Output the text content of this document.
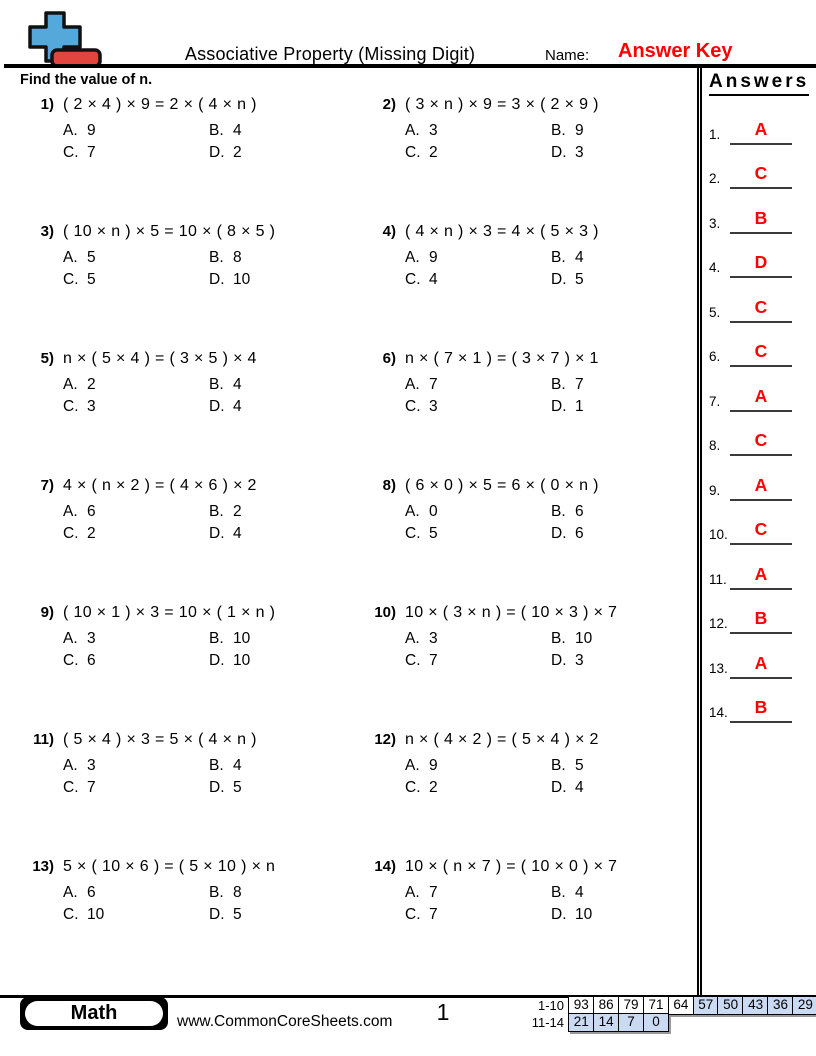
Associative Property (Missing Digit)	Name: Answer Key
Find the value of n.
1) ( 2 × 4 ) × 9 = 2 × ( 4 × n )
A. 9	B. 4
C. 7	D. 2
2) ( 3 × n ) × 9 = 3 × ( 2 × 9 )
A. 3	B. 9
C. 2	D. 3
3) ( 10 × n ) × 5 = 10 × ( 8 × 5 )
A. 5	B. 8
C. 5	D. 10
4) ( 4 × n ) × 3 = 4 × ( 5 × 3 )
A. 9	B. 4
C. 4	D. 5
5) n × ( 5 × 4 ) = ( 3 × 5 ) × 4
A. 2	B. 4
C. 3	D. 4
6) n × ( 7 × 1 ) = ( 3 × 7 ) × 1
A. 7	B. 7
C. 3	D. 1
7) 4 × ( n × 2 ) = ( 4 × 6 ) × 2
A. 6	B. 2
C. 2	D. 4
8) ( 6 × 0 ) × 5 = 6 × ( 0 × n )
A. 0	B. 6
C. 5	D. 6
9) ( 10 × 1 ) × 3 = 10 × ( 1 × n )
A. 3	B. 10
C. 6	D. 10
10) 10 × ( 3 × n ) = ( 10 × 3 ) × 7
A. 3	B. 10
C. 7	D. 3
11) ( 5 × 4 ) × 3 = 5 × ( 4 × n )
A. 3	B. 4
C. 7	D. 5
12) n × ( 4 × 2 ) = ( 5 × 4 ) × 2
A. 9	B. 5
C. 2	D. 4
13) 5 × ( 10 × 6 ) = ( 5 × 10 ) × n
A. 6	B. 8
C. 10	D. 5
14) 10 × ( n × 7 ) = ( 10 × 0 ) × 7
A. 7	B. 4
C. 7	D. 10
Answers
1.	A
2.	C
3.	B
4.	D
5.	C
6.	C
7.	A
8.	C
9.	A
10.	C
11.	A
12.	B
13.	A
14.	B
Math	www.CommonCoreSheets.com	1	1-10 93 86 79 71 64 57 50 43 36 29
11-14 21 14	7	0
